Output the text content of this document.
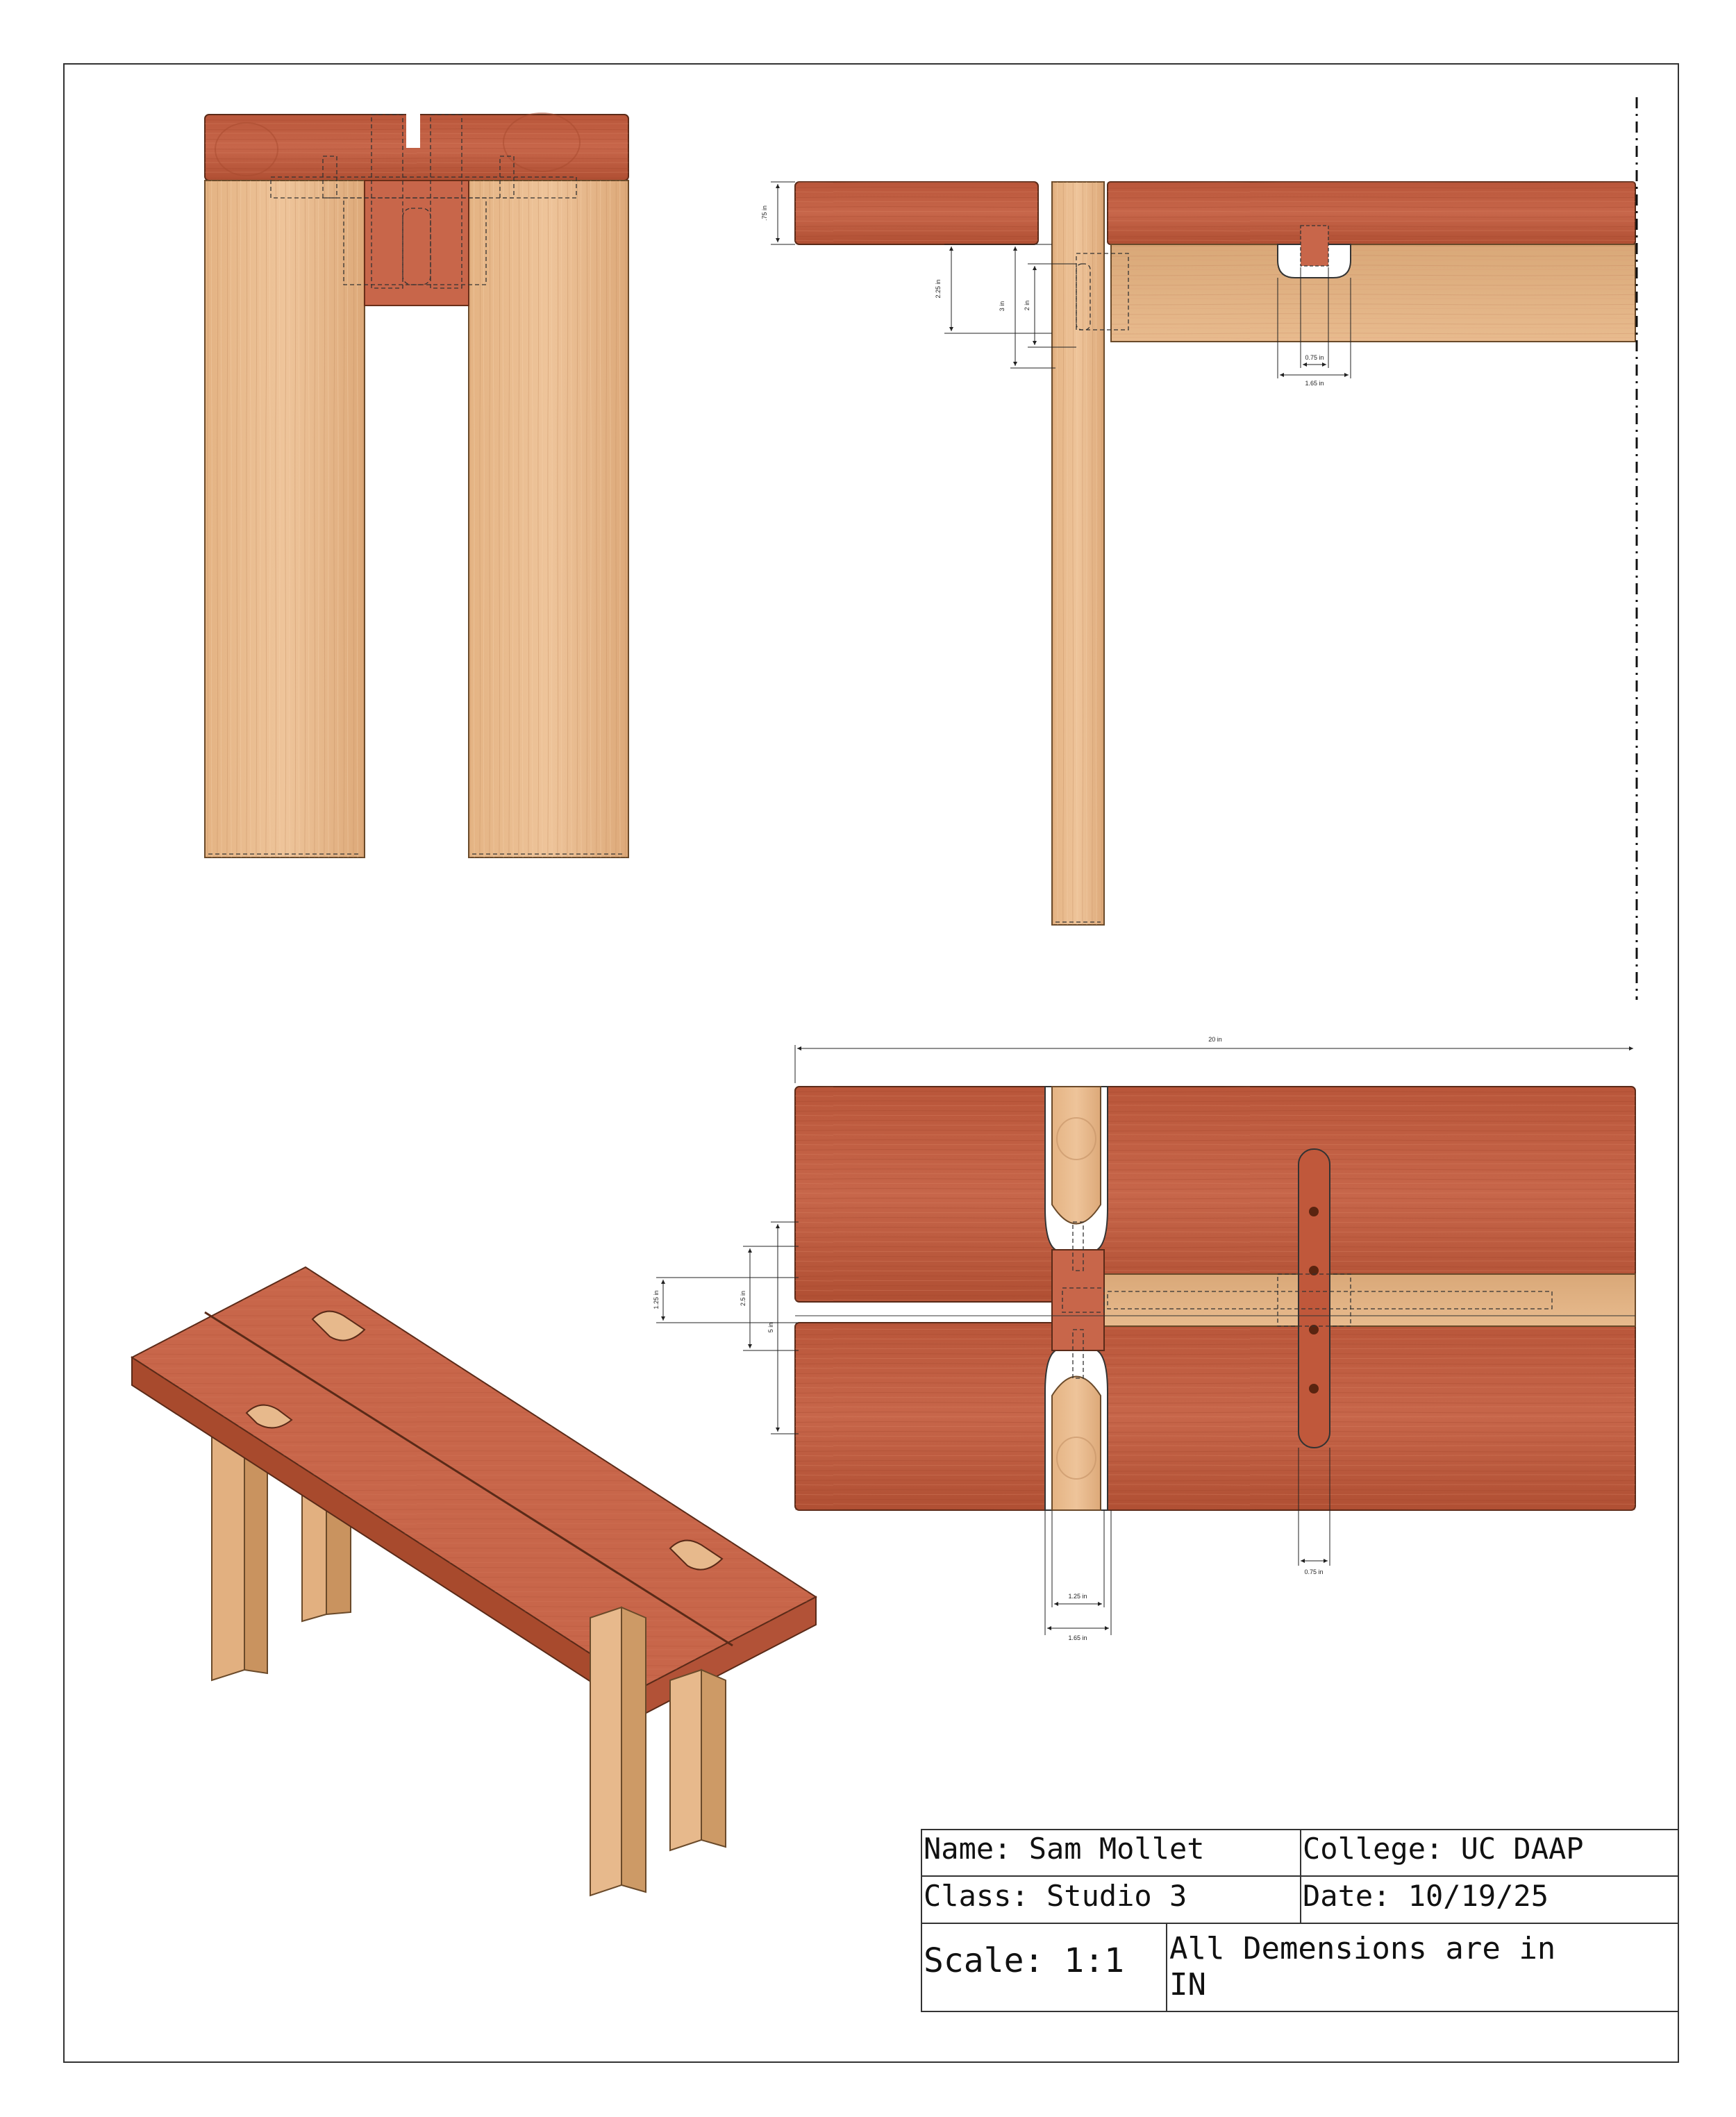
.75 in
2.25 in
3 in	2 in
0.75 in
1.65 in
20 in
1.25 in	2.5 in
5 in
1.25 in
1.65 in
0.75 in
Name: Sam Mollet	College: UC DAAP
Class: Studio 3	Date: 10/19/25
Scale: 1:1 All Demensions are in
IN
